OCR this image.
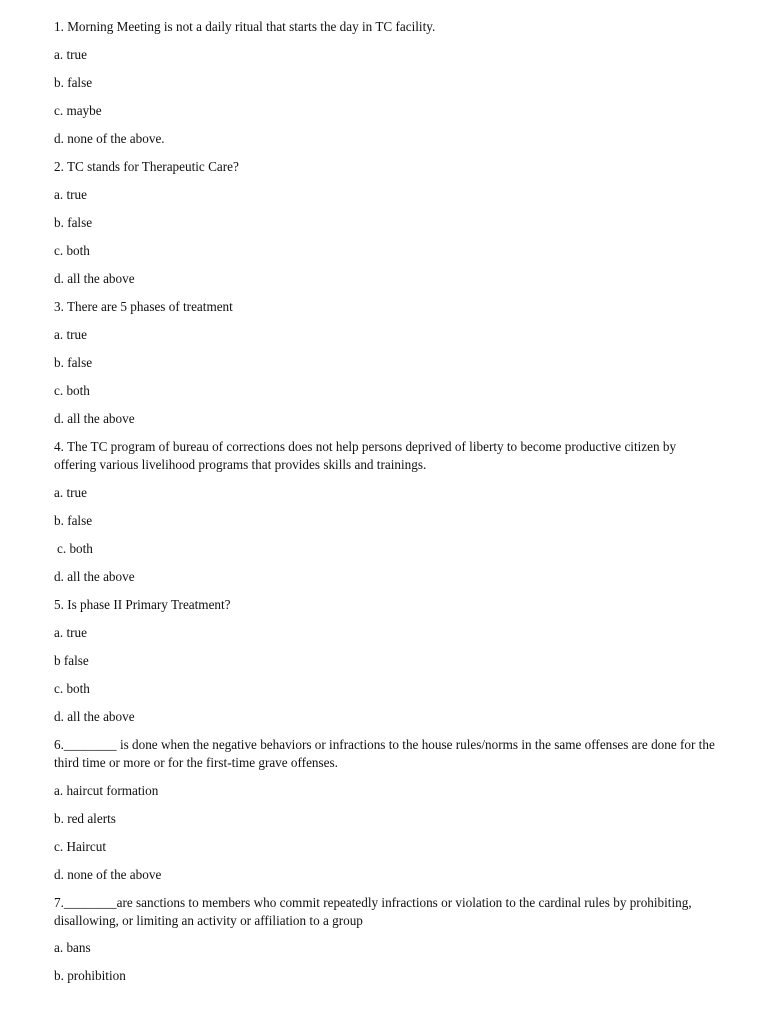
1. Morning Meeting is not a daily ritual that starts the day in TC facility.
a. true
b. false
c. maybe
d. none of the above.
2. TC stands for Therapeutic Care?
a. true
b. false
c. both
d. all the above
3. There are 5 phases of treatment
a. true
b. false
c. both
d. all the above
4. The TC program of bureau of corrections does not help persons deprived of liberty to become productive citizen by
offering various livelihood programs that provides skills and trainings.
a. true
b. false
c. both
d. all the above
5. Is phase II Primary Treatment?
a. true
b false
c. both
d. all the above
6.________ is done when the negative behaviors or infractions to the house rules/norms in the same offenses are done for the
third time or more or for the first-time grave offenses.
a. haircut formation
b. red alerts
c. Haircut
d. none of the above
7.________are sanctions to members who commit repeatedly infractions or violation to the cardinal rules by prohibiting,
disallowing, or limiting an activity or affiliation to a group
a. bans
b. prohibition
